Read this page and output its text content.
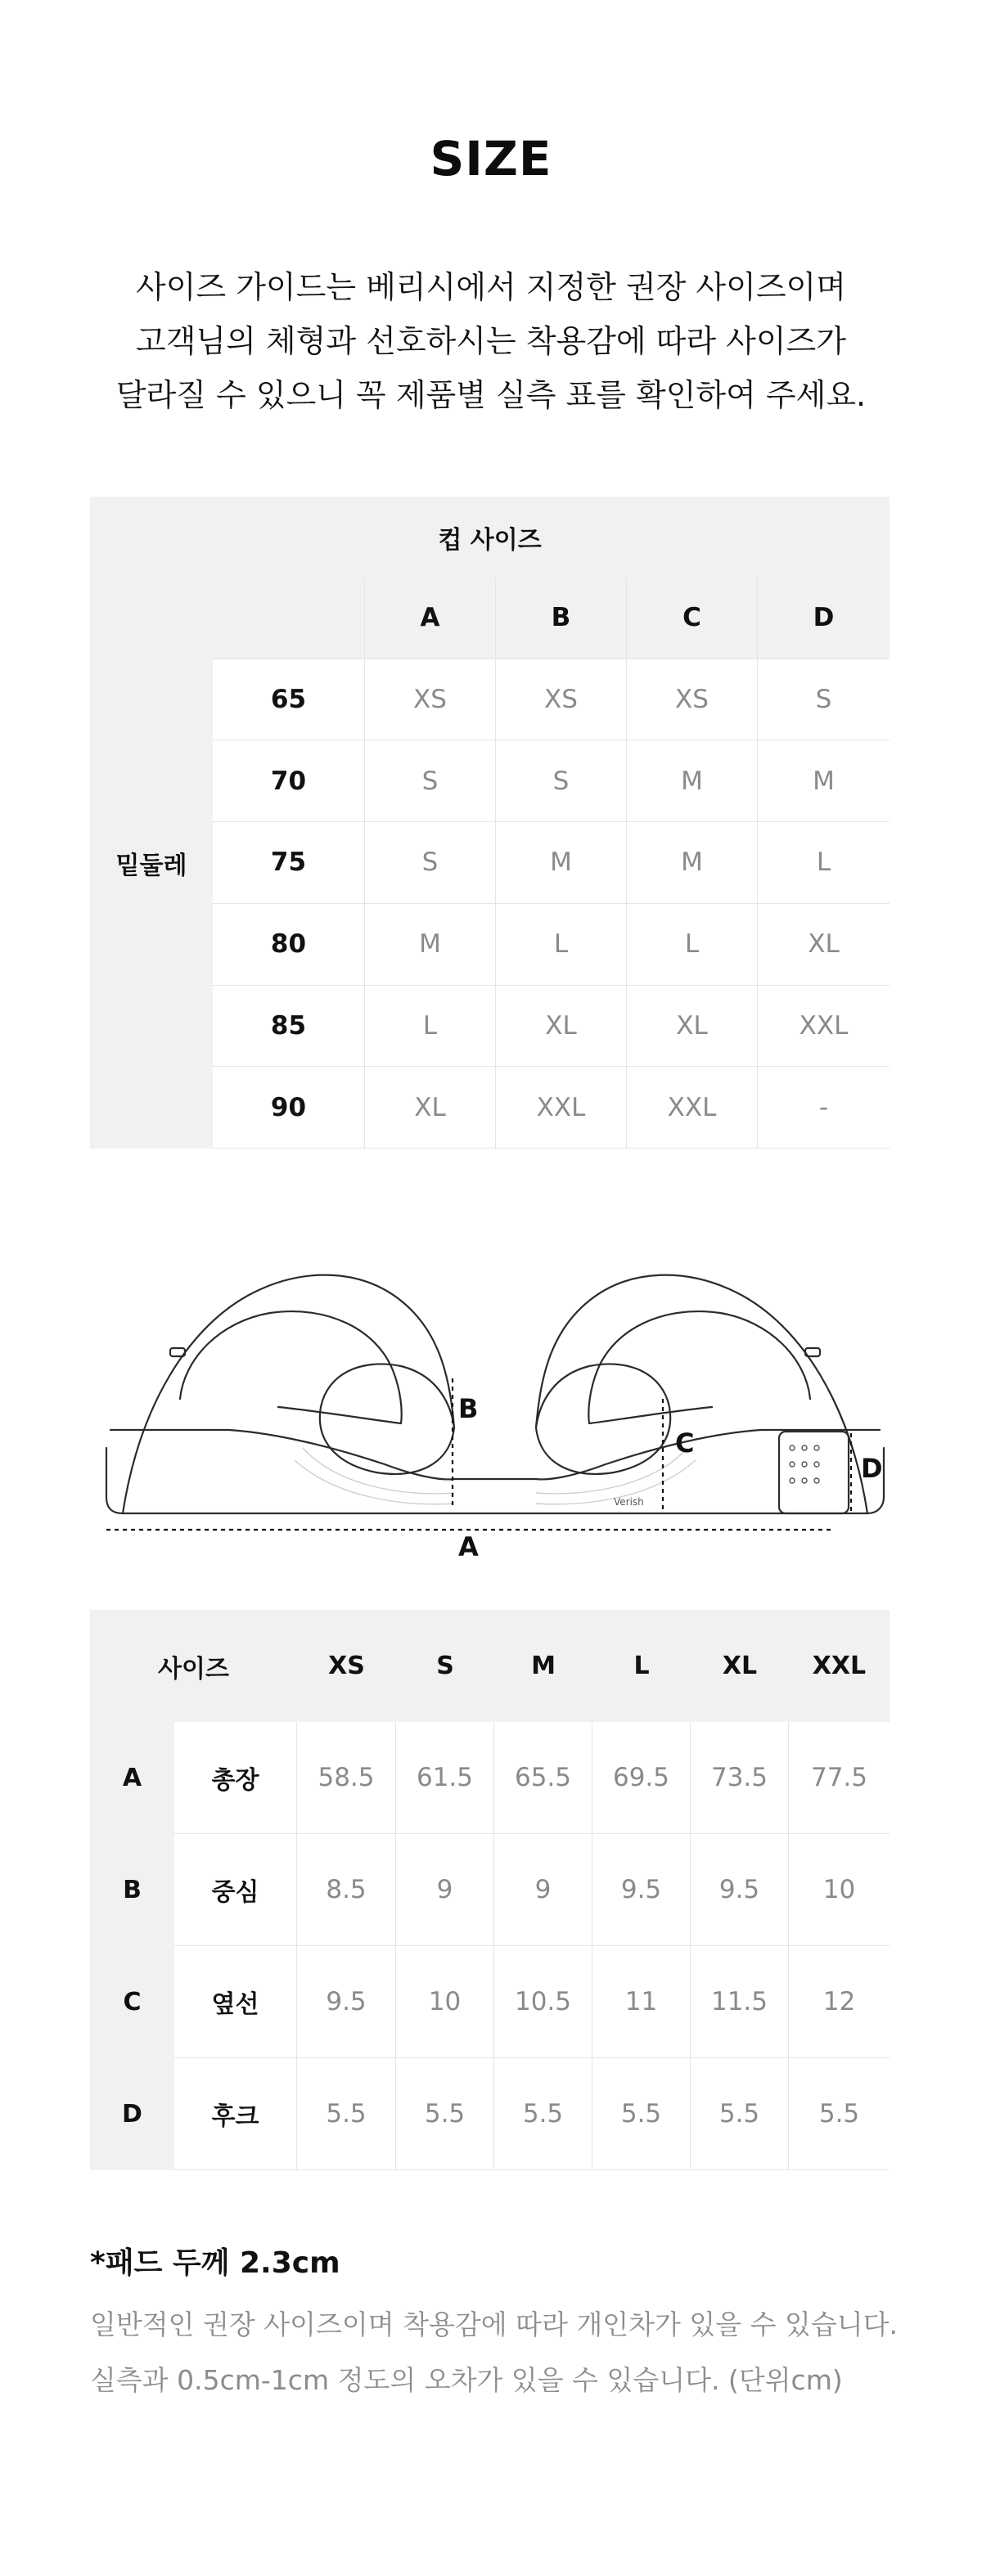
SIZE
사이즈 가이드는 베리시에서 지정한 권장 사이즈이며
고객님의 체형과 선호하시는 착용감에 따라 사이즈가
달라질 수 있으니 꼭 제품별 실측 표를 확인하여 주세요.
컵 사이즈
밑둘레
A	B	C	D
65	XS	XS	XS	S
70	S	S	M	M
75	S	M	M	L
80	M	L	L	XL
85	L	XL	XL	XXL
90	XL	XXL	XXL	-
Verish
B
C
D
A
사이즈	XS	S	M	L	XL	XXL
A	총장	58.5	61.5	65.5	69.5	73.5	77.5
B	중심	8.5	9	9	9.5	9.5	10
C	옆선	9.5	10	10.5	11	11.5	12
D	후크	5.5	5.5	5.5	5.5	5.5	5.5
*패드 두께 2.3cm
일반적인 권장 사이즈이며 착용감에 따라 개인차가 있을 수 있습니다.
실측과 0.5cm-1cm 정도의 오차가 있을 수 있습니다. (단위cm)
